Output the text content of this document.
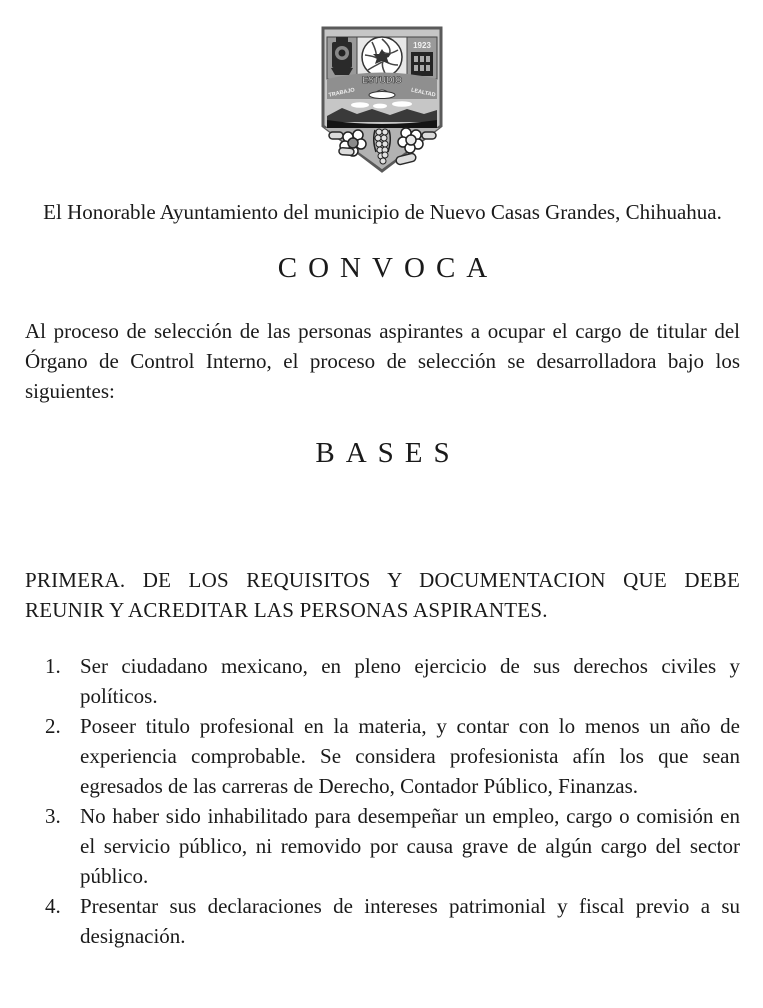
1923
ESTUDIO
TRABAJO	LEALTAD

El Honorable Ayuntamiento del municipio de Nuevo Casas Grandes, Chihuahua.

CONVOCA

Al proceso de selección de las personas aspirantes a ocupar el cargo de titular del Órgano de Control Interno, el proceso de selección se desarrolladora bajo los siguientes:

BASES

PRIMERA. DE LOS REQUISITOS Y DOCUMENTACION QUE DEBE REUNIR Y ACREDITAR LAS PERSONAS ASPIRANTES.

1. Ser ciudadano mexicano, en pleno ejercicio de sus derechos civiles y políticos.
2. Poseer titulo profesional en la materia, y contar con lo menos un año de experiencia comprobable. Se considera profesionista afín los que sean egresados de las carreras de Derecho, Contador Público, Finanzas.
3. No haber sido inhabilitado para desempeñar un empleo, cargo o comisión en el servicio público, ni removido por causa grave de algún cargo del sector público.
4. Presentar sus declaraciones de intereses patrimonial y fiscal previo a su designación.
